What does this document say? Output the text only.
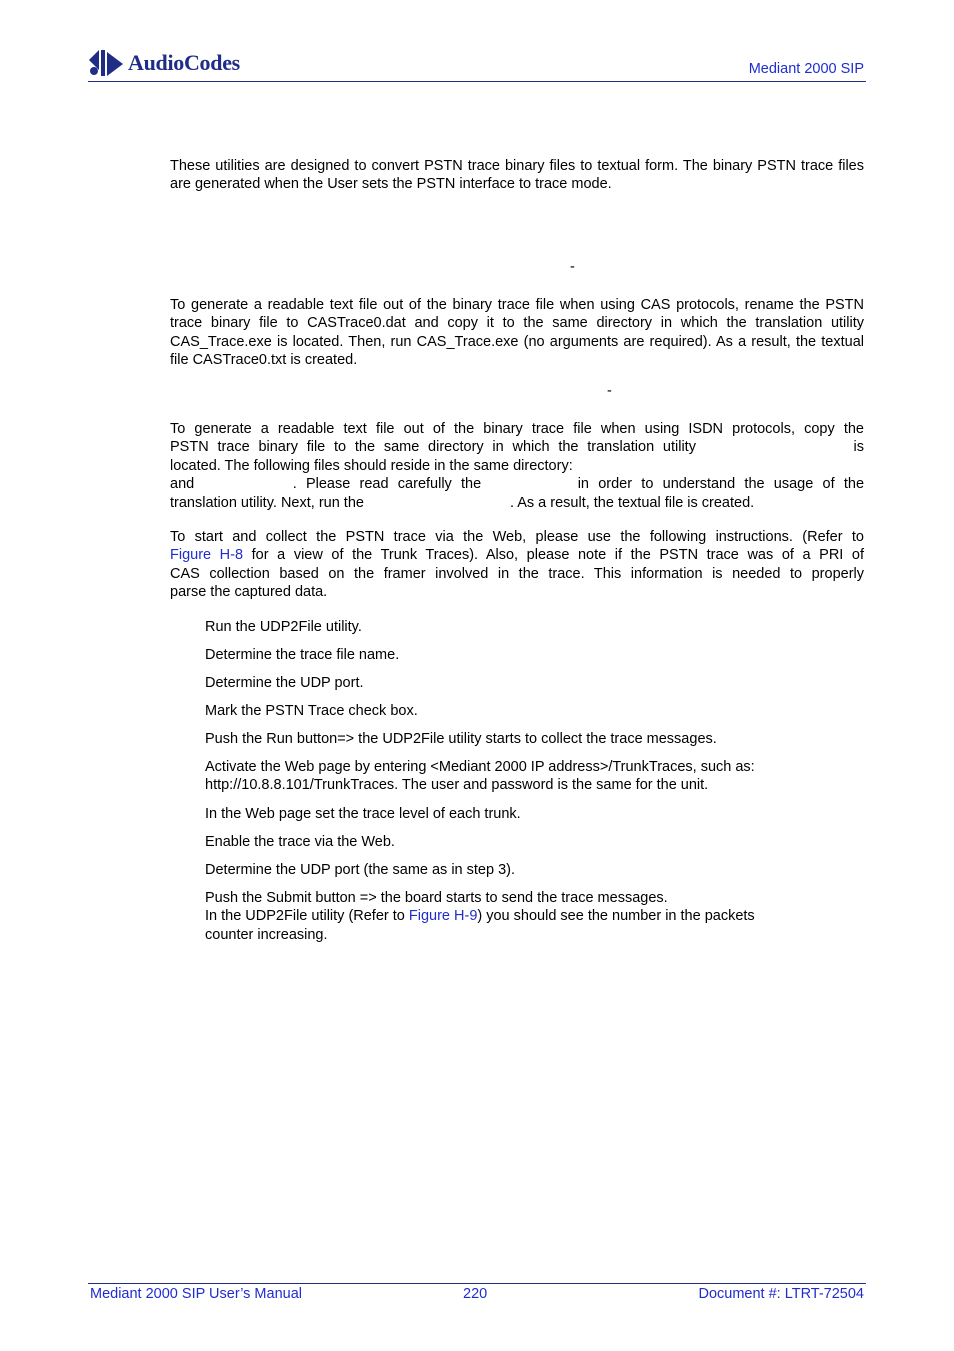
AudioCodes	Mediant 2000 SIP

These utilities are designed to convert PSTN trace binary files to textual form. The binary PSTN trace files are generated when the User sets the PSTN interface to trace mode.

-

To generate a readable text file out of the binary trace file when using CAS protocols, rename the PSTN trace binary file to CASTrace0.dat and copy it to the same directory in which the translation utility CAS_Trace.exe is located. Then, run CAS_Trace.exe (no arguments are required). As a result, the textual file CASTrace0.txt is created.

-
To generate a readable text file out of the binary trace file when using ISDN protocols, copy the
PSTN trace binary file to the same directory in which the translation utility	is
located. The following files should reside in the same directory:
and	. Please read carefully the	in order to understand the usage of the
translation utility. Next, run the	. As a result, the textual file is created.
To start and collect the PSTN trace via the Web, please use the following instructions. (Refer to
Figure H-8 for a view of the Trunk Traces). Also, please note if the PSTN trace was of a PRI of
CAS collection based on the framer involved in the trace. This information is needed to properly
parse the captured data.
Run the UDP2File utility.
Determine the trace file name.
Determine the UDP port.
Mark the PSTN Trace check box.
Push the Run button=> the UDP2File utility starts to collect the trace messages.
Activate the Web page by entering <Mediant 2000 IP address>/TrunkTraces, such as:
http://10.8.8.101/TrunkTraces. The user and password is the same for the unit.
In the Web page set the trace level of each trunk.
Enable the trace via the Web.
Determine the UDP port (the same as in step 3).
Push the Submit button => the board starts to send the trace messages.
In the UDP2File utility (Refer to Figure H-9) you should see the number in the packets
counter increasing.
Mediant 2000 SIP User’s Manual	220	Document #: LTRT-72504
